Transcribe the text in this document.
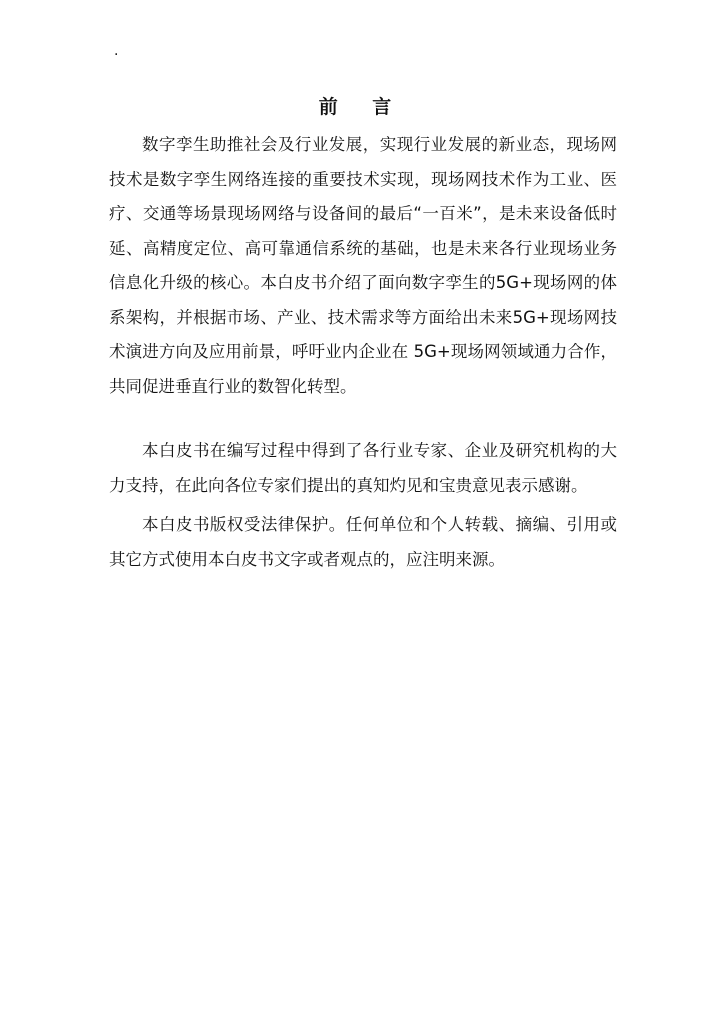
·
前 言

数字孪生助推社会及行业发展，实现行业发展的新业态，现场网技术是数字孪生网络连接的重要技术实现，现场网技术作为工业、医疗、交通等场景现场网络与设备间的最后“一百米”，是未来设备低时延、高精度定位、高可靠通信系统的基础，也是未来各行业现场业务信息化升级的核心。本白皮书介绍了面向数字孪生的5G+现场网的体系架构，并根据市场、产业、技术需求等方面给出未来5G+现场网技术演进方向及应用前景，呼吁业内企业在 5G+现场网领域通力合作，共同促进垂直行业的数智化转型。

本白皮书在编写过程中得到了各行业专家、企业及研究机构的大力支持，在此向各位专家们提出的真知灼见和宝贵意见表示感谢。

本白皮书版权受法律保护。任何单位和个人转载、摘编、引用或其它方式使用本白皮书文字或者观点的，应注明来源。
